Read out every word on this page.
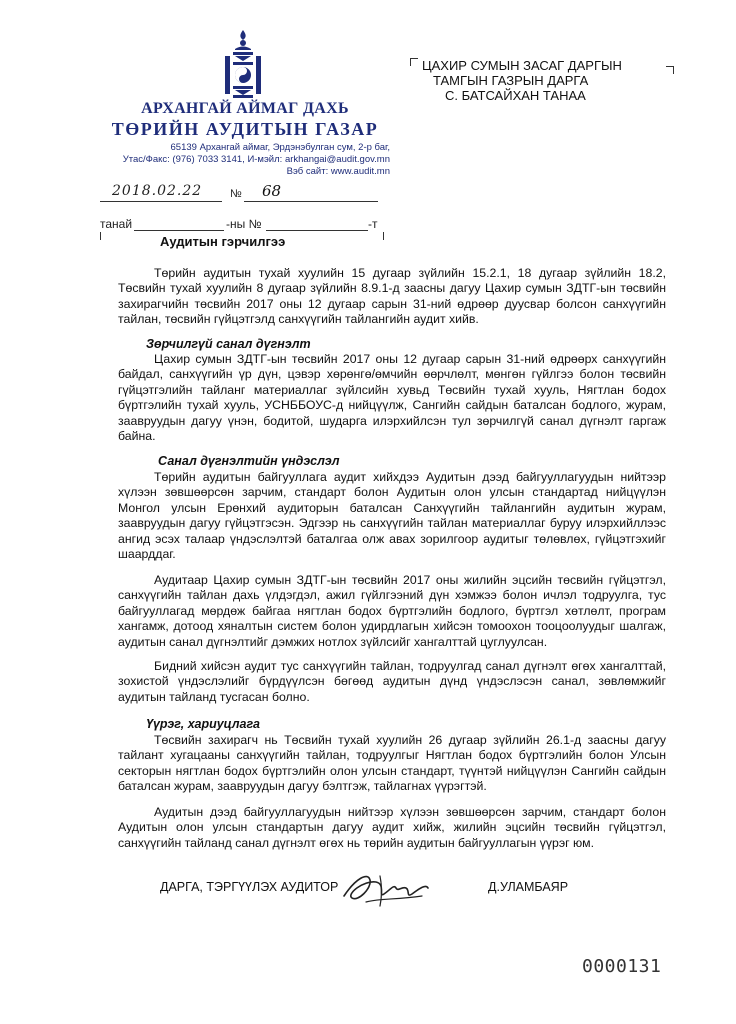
АРХАНГАЙ АЙМАГ ДАХЬ
ТӨРИЙН АУДИТЫН ГАЗАР
65139 Архангай аймаг, Эрдэнэбулган сум, 2-р баг,
Утас/Факс: (976) 7033 3141, И-мэйл: arkhangai@audit.gov.mn
Вэб сайт: www.audit.mn
ЦАХИР СУМЫН ЗАСАГ ДАРГЫН
ТАМГЫН ГАЗРЫН ДАРГА
С. БАТСАЙХАН ТАНАА
2018.02.22	№ 68
танай	-ны №	-т
Аудитын гэрчилгээ
Төрийн аудитын тухай хуулийн 15 дугаар зүйлийн 15.2.1, 18 дугаар зүйлийн 18.2, Төсвийн тухай хуулийн 8 дугаар зүйлийн 8.9.1-д заасны дагуу Цахир сумын ЗДТГ-ын төсвийн захирагчийн төсвийн 2017 оны 12 дугаар сарын 31-ний өдрөөр дуусвар болсон санхүүгийн тайлан, төсвийн гүйцэтгэлд санхүүгийн тайлангийн аудит хийв.
Зөрчилгүй санал дүгнэлт
Цахир сумын ЗДТГ-ын төсвийн 2017 оны 12 дугаар сарын 31-ний өдрөөрх санхүүгийн байдал, санхүүгийн үр дүн, цэвэр хөрөнгө/өмчийн өөрчлөлт, мөнгөн гүйлгээ болон төсвийн гүйцэтгэлийн тайланг материаллаг зүйлсийн хувьд Төсвийн тухай хууль, Нягтлан бодох бүртгэлийн тухай хууль, УСНББОУС-д нийцүүлж, Сангийн сайдын баталсан бодлого, журам, заавруудын дагуу үнэн, бодитой, шударга илэрхийлсэн тул зөрчилгүй санал дүгнэлт гаргаж байна.
Санал дүгнэлтийн үндэслэл
Төрийн аудитын байгууллага аудит хийхдээ Аудитын дээд байгууллагуудын нийтээр хүлээн зөвшөөрсөн зарчим, стандарт болон Аудитын олон улсын стандартад нийцүүлэн Монгол улсын Ерөнхий аудиторын баталсан Санхүүгийн тайлангийн аудитын журам, заавруудын дагуу гүйцэтгэсэн. Эдгээр нь санхүүгийн тайлан материаллаг буруу илэрхийллээс ангид эсэх талаар үндэслэлтэй баталгаа олж авах зорилгоор аудитыг төлөвлөх, гүйцэтгэхийг шаарддаг.
Аудитаар Цахир сумын ЗДТГ-ын төсвийн 2017 оны жилийн эцсийн төсвийн гүйцэтгэл, санхүүгийн тайлан дахь үлдэгдэл, ажил гүйлгээний дүн хэмжээ болон ичлэл тодруулга, тус байгууллагад мөрдөж байгаа нягтлан бодох бүртгэлийн бодлого, бүртгэл хөтлөлт, програм хангамж, дотоод хяналтын систем болон удирдлагын хийсэн томоохон тооцоолуудыг шалгаж, аудитын санал дүгнэлтийг дэмжих нотлох зүйлсийг хангалттай цуглуулсан.
Бидний хийсэн аудит тус санхүүгийн тайлан, тодруулгад санал дүгнэлт өгөх хангалттай, зохистой үндэслэлийг бүрдүүлсэн бөгөөд аудитын дүнд үндэслэсэн санал, зөвлөмжийг аудитын тайланд тусгасан болно.
Үүрэг, хариуцлага
Төсвийн захирагч нь Төсвийн тухай хуулийн 26 дугаар зүйлийн 26.1-д заасны дагуу тайлант хугацааны санхүүгийн тайлан, тодруулгыг Нягтлан бодох бүртгэлийн болон Улсын секторын нягтлан бодох бүртгэлийн олон улсын стандарт, түүнтэй нийцүүлэн Сангийн сайдын баталсан журам, заавруудын дагуу бэлтгэж, тайлагнах үүрэгтэй.
Аудитын дээд байгууллагуудын нийтээр хүлээн зөвшөөрсөн зарчим, стандарт болон Аудитын олон улсын стандартын дагуу аудит хийж, жилийн эцсийн төсвийн гүйцэтгэл, санхүүгийн тайланд санал дүгнэлт өгөх нь төрийн аудитын байгууллагын үүрэг юм.
ДАРГА, ТЭРГҮҮЛЭХ АУДИТОР	Д.УЛАМБАЯР
0000131
